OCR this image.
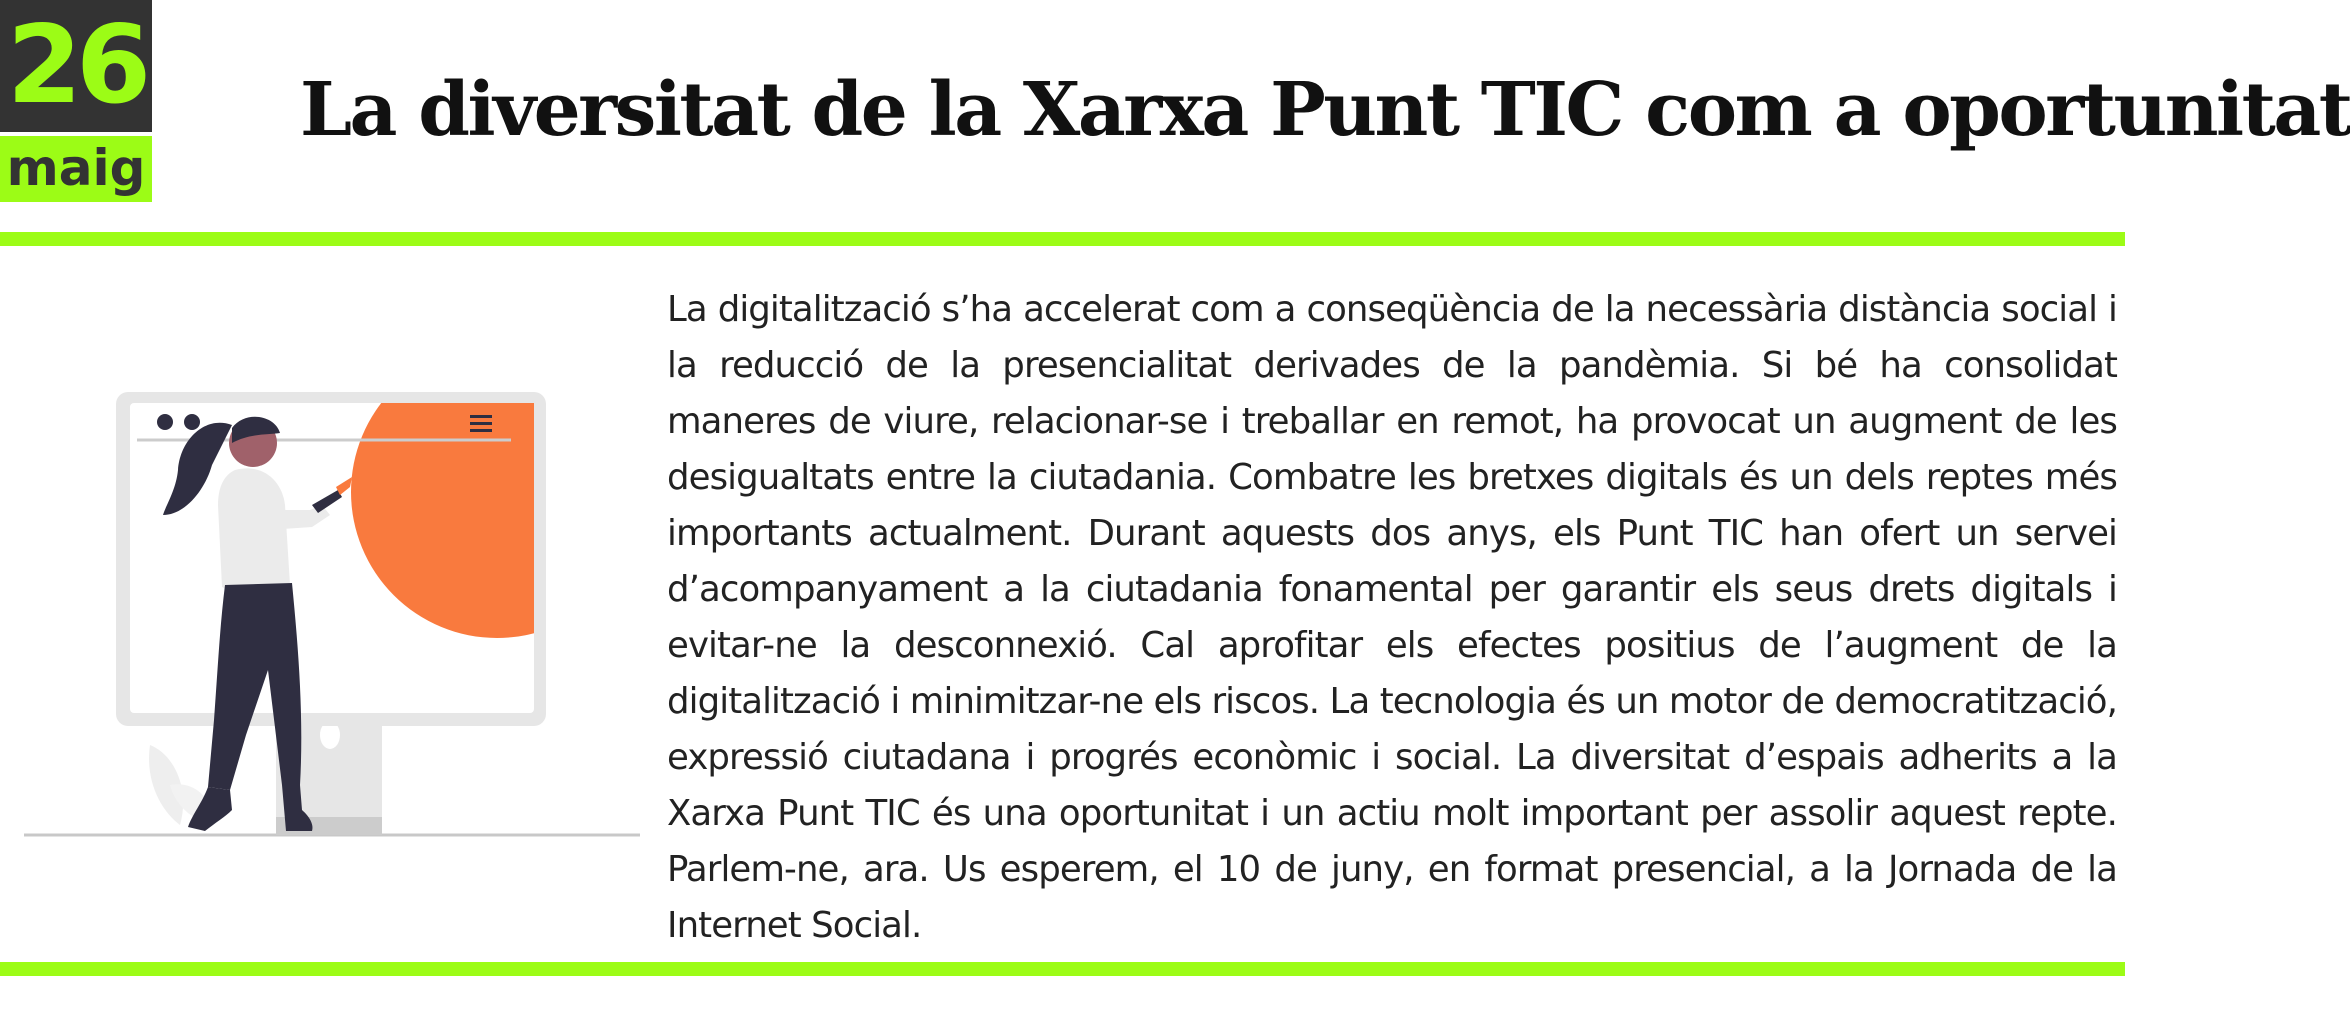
26
maig
La diversitat de la Xarxa Punt TIC com a oportunitat
La digitalització s’ha accelerat com a conseqüència de la necessària distància social i la reducció de la presencialitat derivades de la pandèmia. Si bé ha consolidat maneres de viure, relacionar-se i treballar en remot, ha provocat un augment de les desigualtats entre la ciutadania. Combatre les bretxes digitals és un dels reptes més importants actualment. Durant aquests dos anys, els Punt TIC han ofert un servei d’acompanyament a la ciutadania fonamental per garantir els seus drets digitals i evitar-ne la desconnexió. Cal aprofitar els efectes positius de l’augment de la digitalització i minimitzar-ne els riscos. La tecnologia és un motor de democratització, expressió ciutadana i progrés econòmic i social. La diversitat d’espais adherits a la Xarxa Punt TIC és una oportunitat i un actiu molt important per assolir aquest repte.     Parlem-ne, ara. Us esperem, el 10 de juny, en format presencial, a la Jornada de la Internet Social.
